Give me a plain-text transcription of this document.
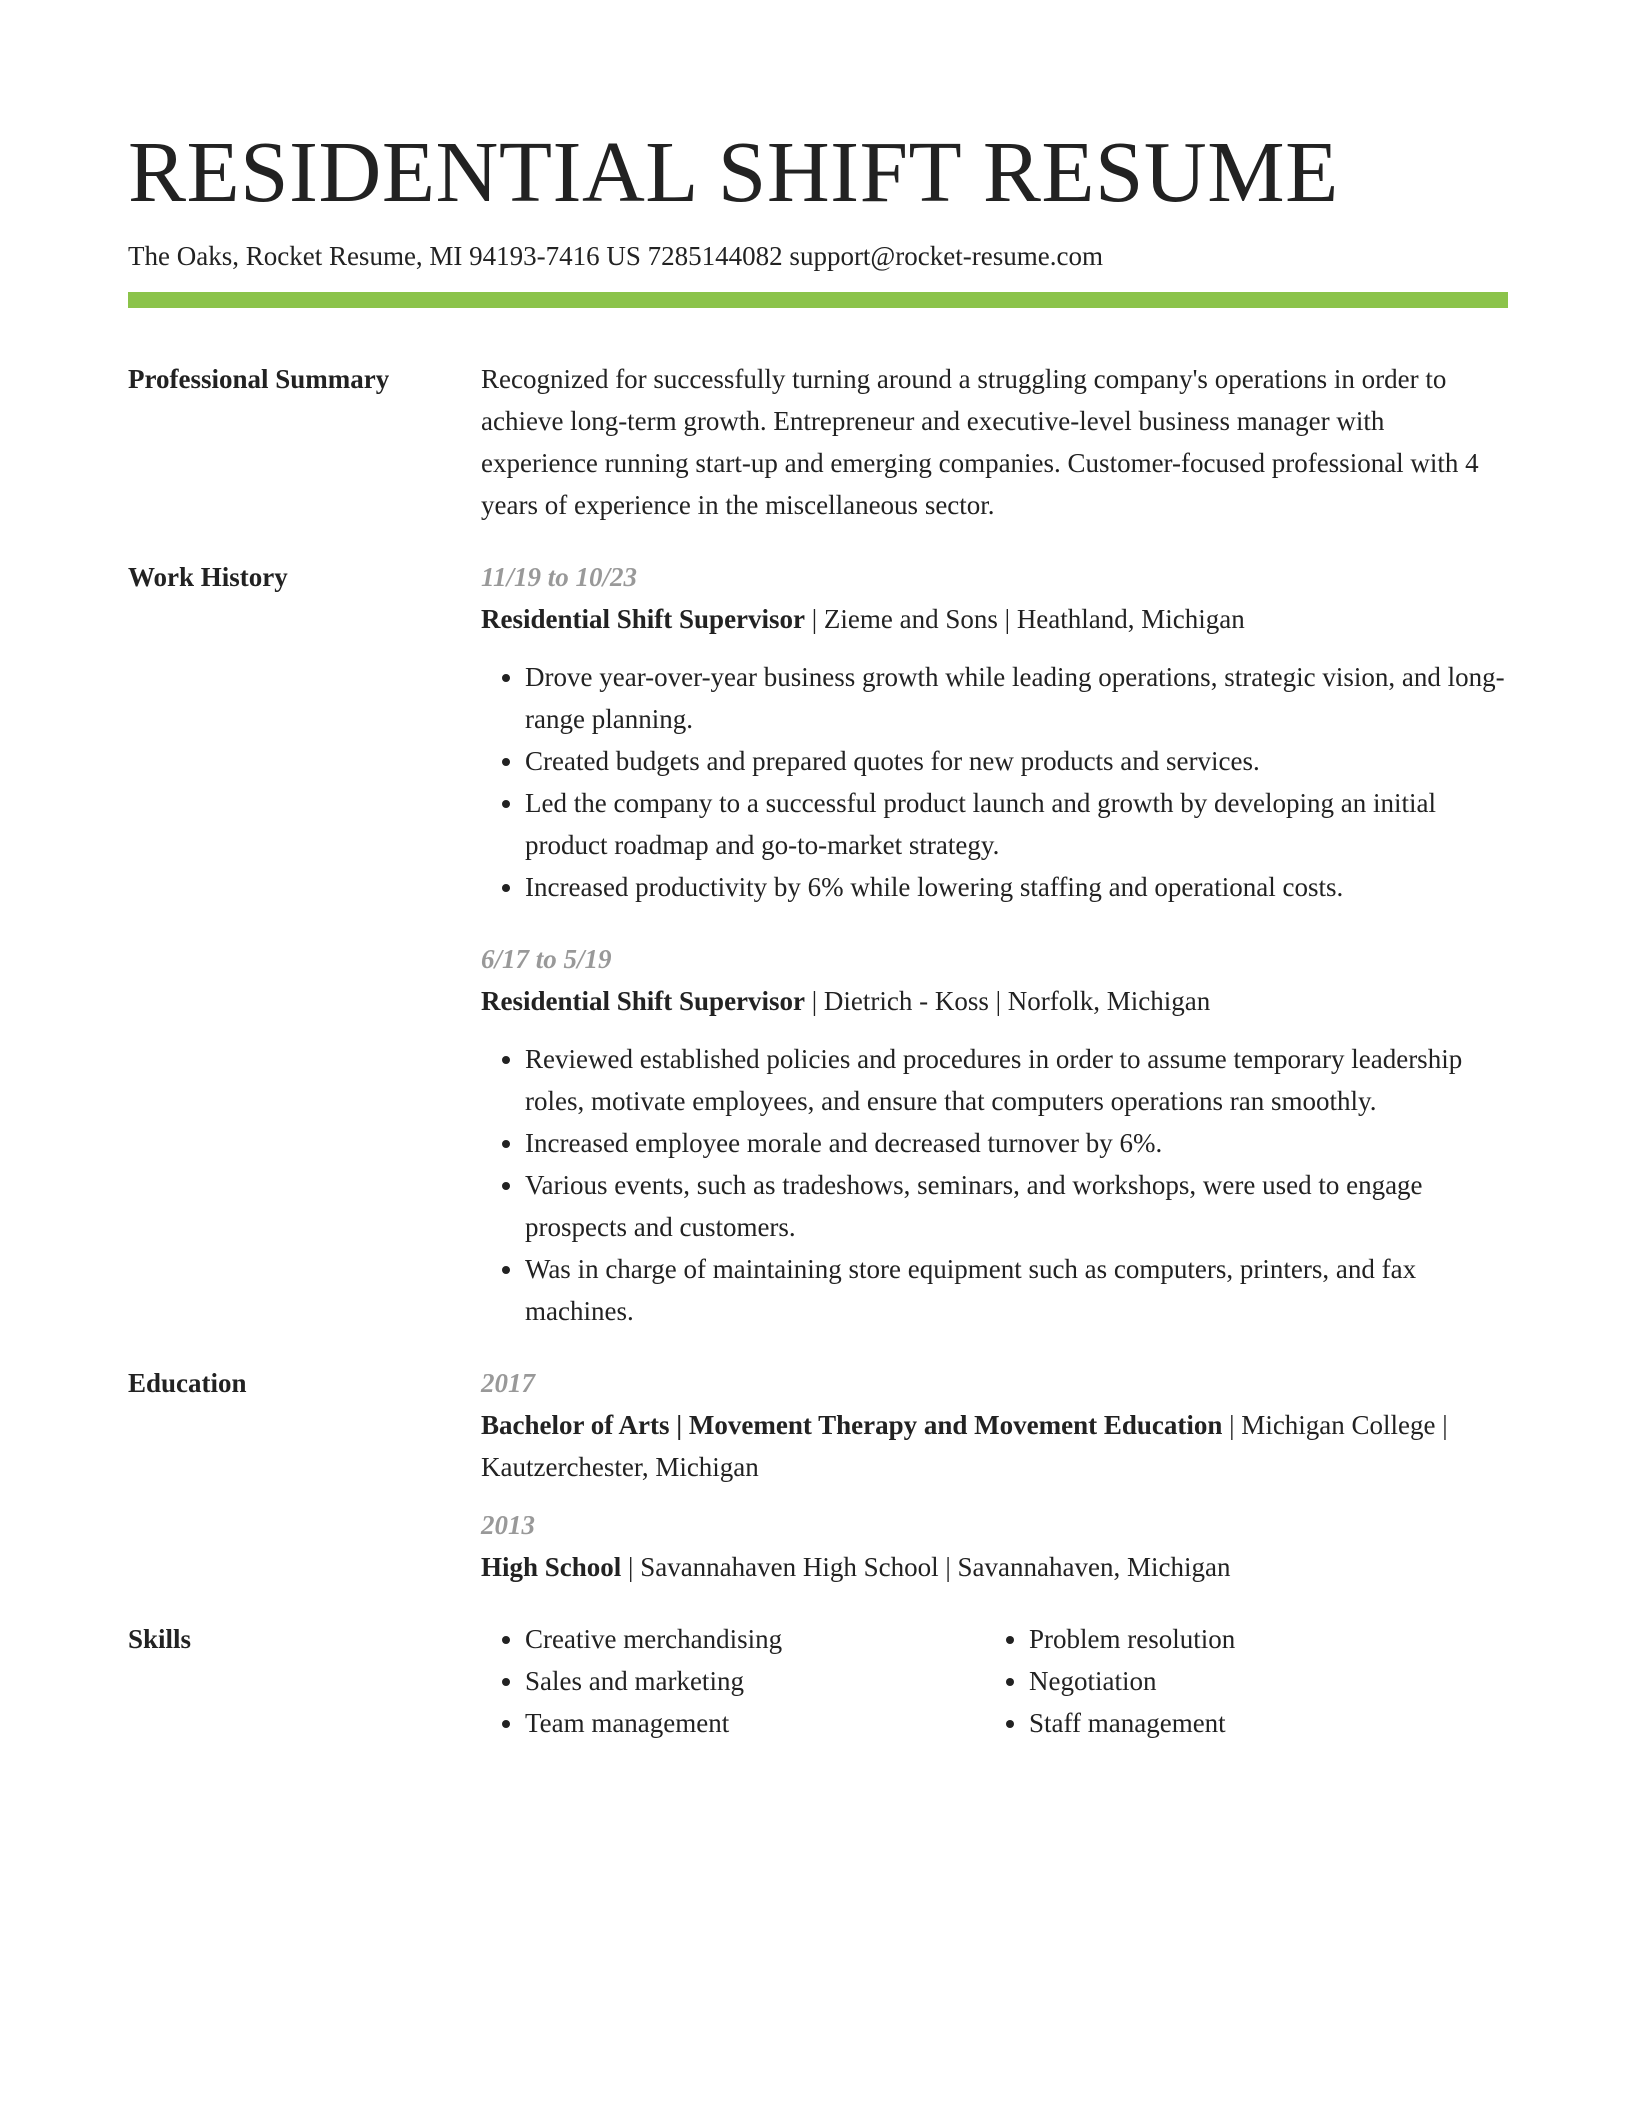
RESIDENTIAL SHIFT RESUME
The Oaks, Rocket Resume, MI 94193-7416 US 7285144082 support@rocket-resume.com
Professional Summary	Recognized for successfully turning around a struggling company's operations in order to achieve long-term growth. Entrepreneur and executive-level business manager with experience running start-up and emerging companies. Customer-focused professional with 4 years of experience in the miscellaneous sector.
Work History	11/19 to 10/23
Residential Shift Supervisor | Zieme and Sons | Heathland, Michigan
• Drove year-over-year business growth while leading operations, strategic vision, and long-range planning.
• Created budgets and prepared quotes for new products and services.
• Led the company to a successful product launch and growth by developing an initial product roadmap and go-to-market strategy.
• Increased productivity by 6% while lowering staffing and operational costs.
6/17 to 5/19
Residential Shift Supervisor | Dietrich - Koss | Norfolk, Michigan
• Reviewed established policies and procedures in order to assume temporary leadership roles, motivate employees, and ensure that computers operations ran smoothly.
• Increased employee morale and decreased turnover by 6%.
• Various events, such as tradeshows, seminars, and workshops, were used to engage prospects and customers.
• Was in charge of maintaining store equipment such as computers, printers, and fax machines.
Education	2017
Bachelor of Arts | Movement Therapy and Movement Education | Michigan College | Kautzerchester, Michigan
2013
High School | Savannahaven High School | Savannahaven, Michigan
Skills
•	Creative merchandising
• Sales and marketing
• Team management
• Problem resolution
• Negotiation
• Staff management
